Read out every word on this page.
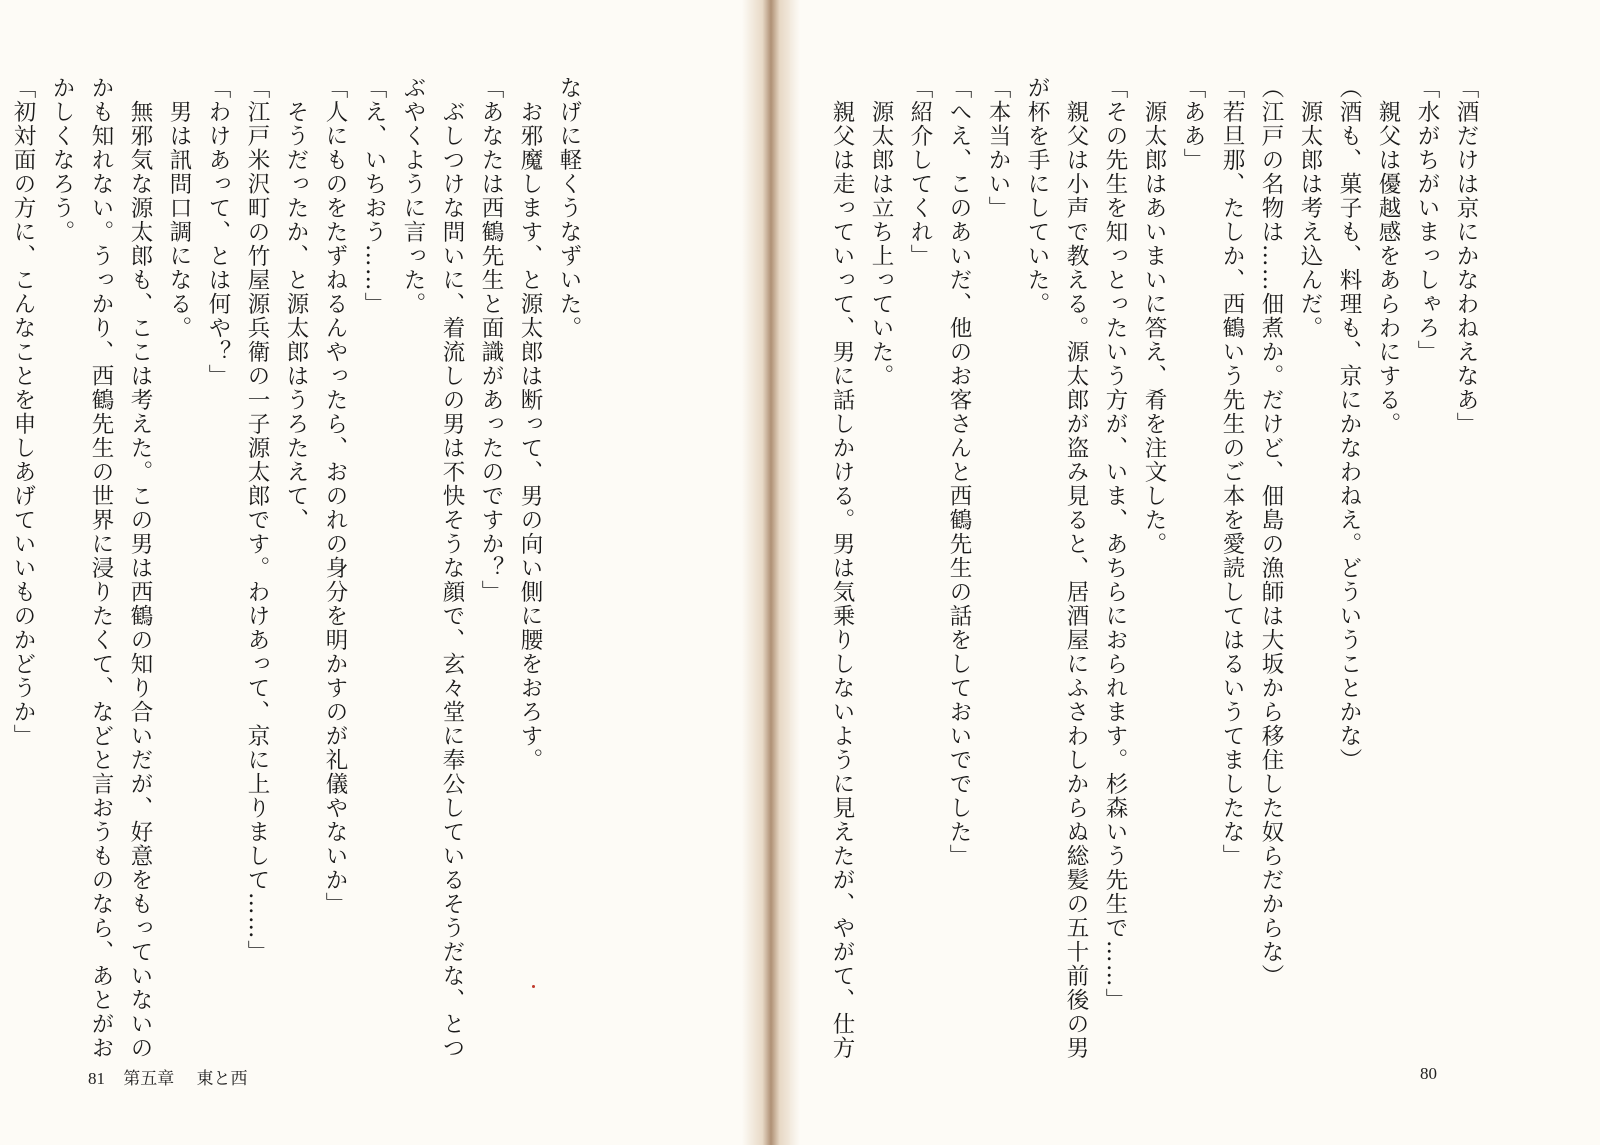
なげに軽くうなずいた。
　お邪魔します、と源太郎は断って、男の向い側に腰をおろす。
「あなたは西鶴先生と面識があったのですか？」
　ぶしつけな問いに、着流しの男は不快そうな顔で、玄々堂に奉公しているそうだな、とつ
ぶやくように言った。
「え、いちおう……」
「人にものをたずねるんやったら、おのれの身分を明かすのが礼儀やないか」
　そうだったか、と源太郎はうろたえて、
「江戸米沢町の竹屋源兵衛の一子源太郎です。わけあって、京に上りまして……」
「わけあって、とは何や？」
　男は訊問口調になる。
　無邪気な源太郎も、ここは考えた。この男は西鶴の知り合いだが、好意をもっていないの
かも知れない。うっかり、西鶴先生の世界に浸りたくて、などと言おうものなら、あとがお
かしくなろう。
「初対面の方に、こんなことを申しあげていいものかどうか」
81 第五章 東と西
「酒だけは京にかなわねえなあ」
「水がちがいまっしゃろ」
　親父は優越感をあらわにする。
（酒も、菓子も、料理も、京にかなわねえ。どういうことかな）
　源太郎は考え込んだ。
（江戸の名物は……佃煮か。だけど、佃島の漁師は大坂から移住した奴らだからな）
「若旦那、たしか、西鶴いう先生のご本を愛読してはるいうてましたな」
「ああ」
　源太郎はあいまいに答え、肴を注文した。
「その先生を知っとったいう方が、いま、あちらにおられます。杉森いう先生で……」
　親父は小声で教える。源太郎が盗み見ると、居酒屋にふさわしからぬ総髪の五十前後の男
が杯を手にしていた。
「本当かい」
「へえ、このあいだ、他のお客さんと西鶴先生の話をしておいででした」
「紹介してくれ」
　源太郎は立ち上っていた。
　親父は走っていって、男に話しかける。男は気乗りしないように見えたが、やがて、仕方
80
